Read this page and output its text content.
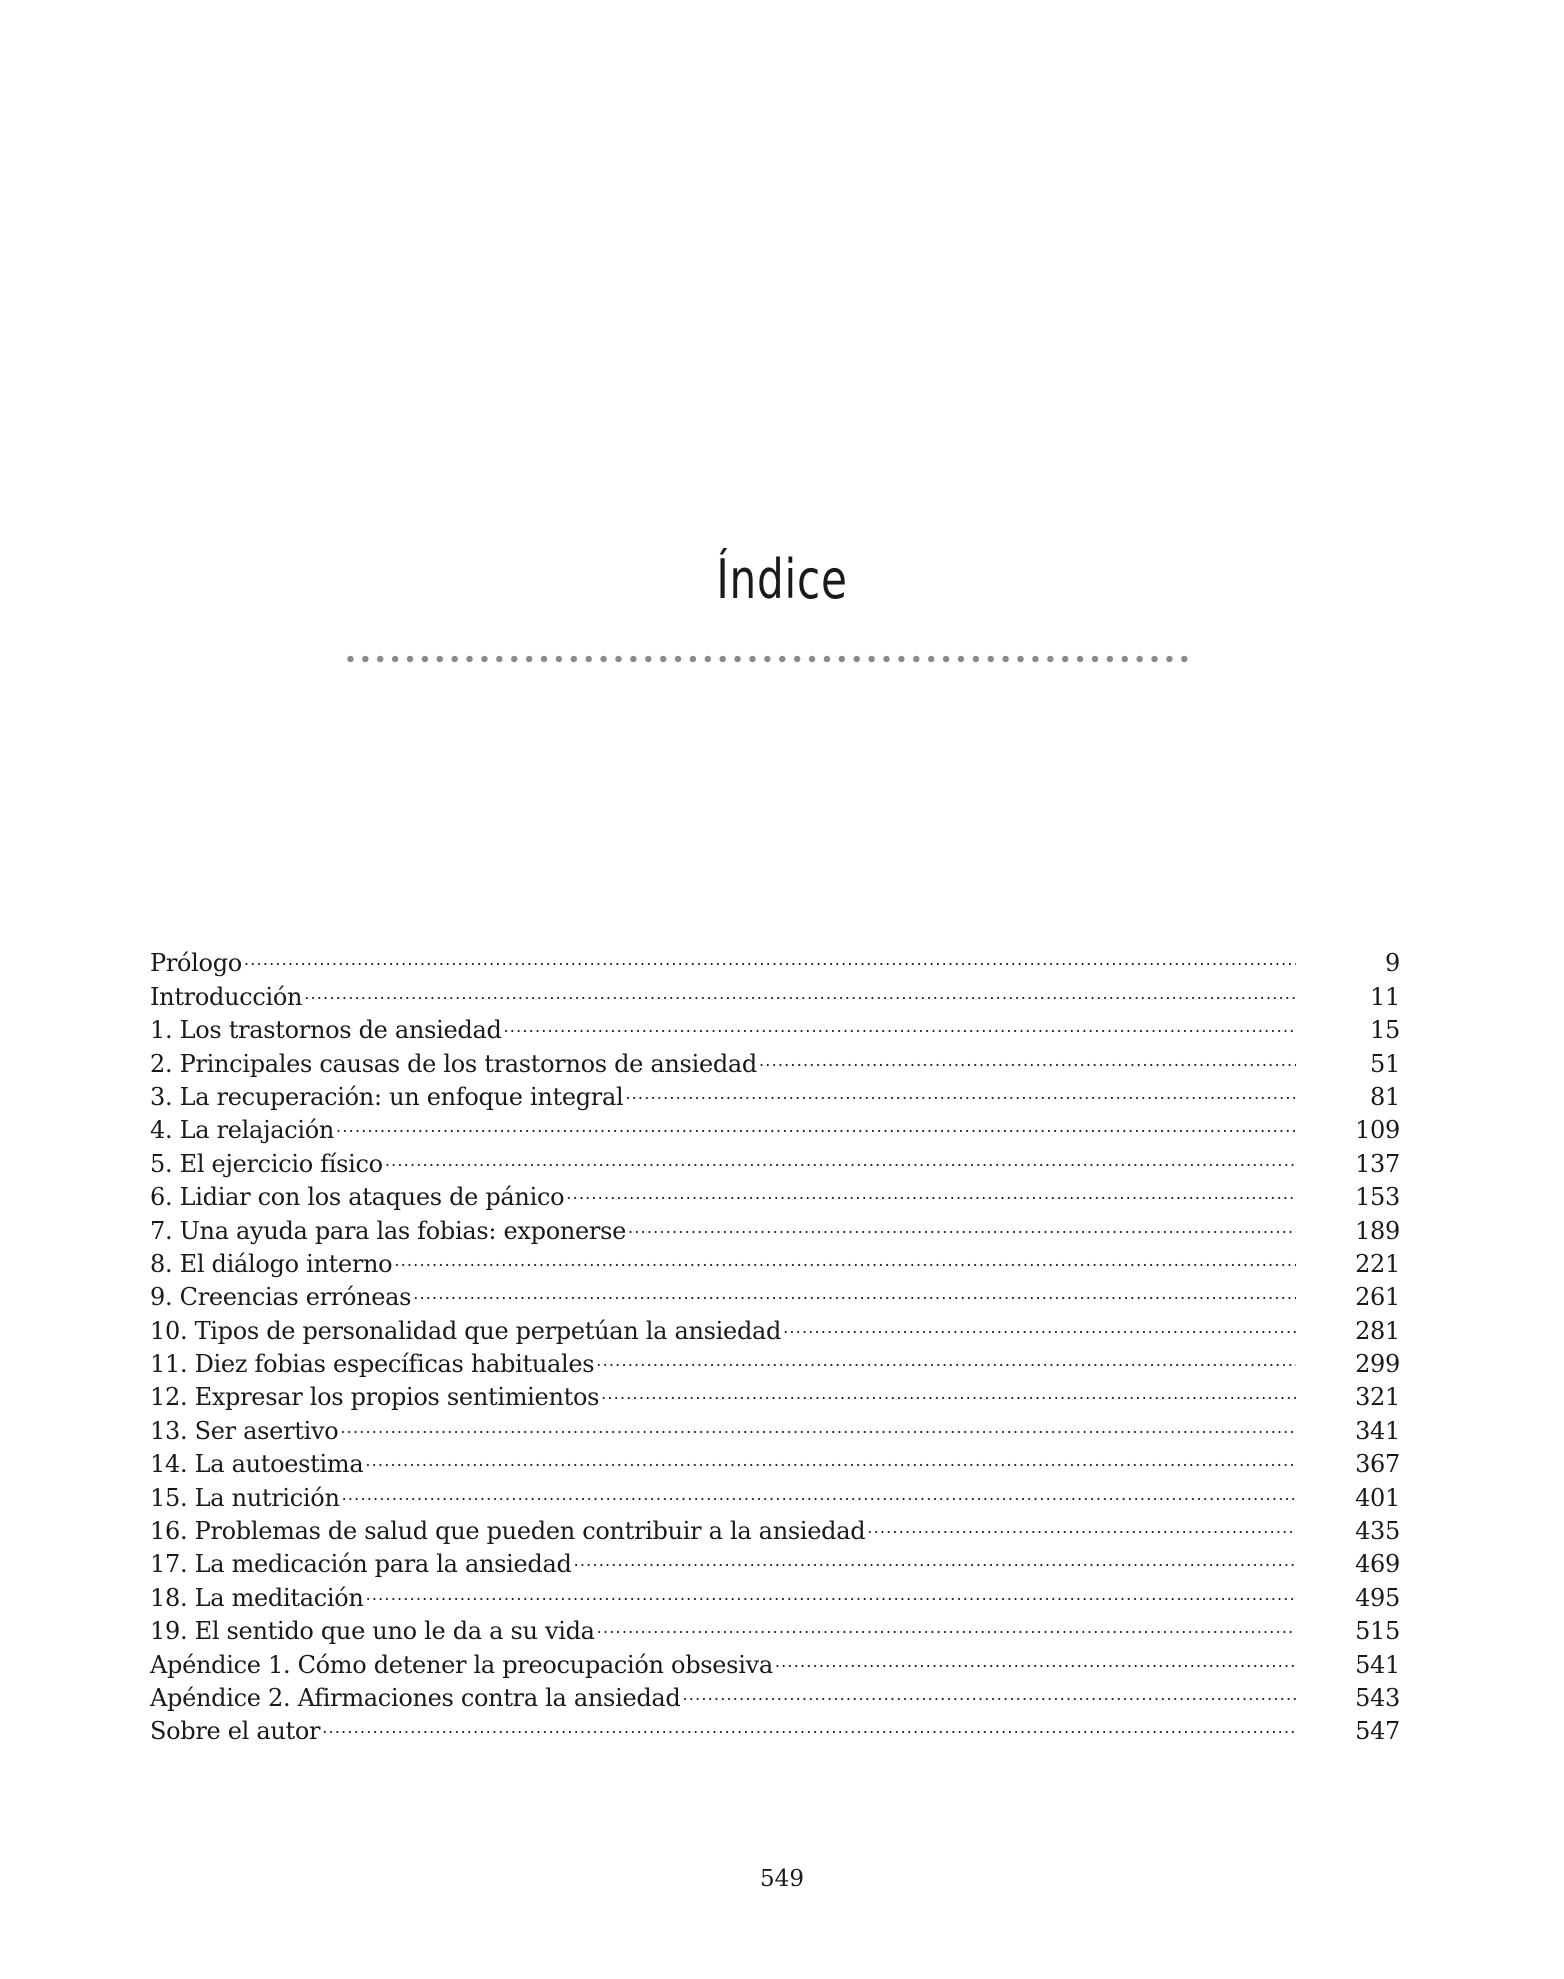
Índice
Prólogo .....	9
Introducción .....	11
1. Los trastornos de ansiedad .....	15
2. Principales causas de los trastornos de ansiedad .....	51
3. La recuperación: un enfoque integral .....	81
4. La relajación .....	109
5. El ejercicio físico .....	137
6. Lidiar con los ataques de pánico .....	153
7. Una ayuda para las fobias: exponerse .....	189
8. El diálogo interno .....	221
9. Creencias erróneas .....	261
10. Tipos de personalidad que perpetúan la ansiedad .....	281
11. Diez fobias específicas habituales .....	299
12. Expresar los propios sentimientos .....	321
13. Ser asertivo .....	341
14. La autoestima .....	367
15. La nutrición .....	401
16. Problemas de salud que pueden contribuir a la ansiedad .....	435
17. La medicación para la ansiedad .....	469
18. La meditación .....	495
19. El sentido que uno le da a su vida .....	515
Apéndice 1. Cómo detener la preocupación obsesiva .....	541
Apéndice 2. Afirmaciones contra la ansiedad .....	543
Sobre el autor .....	547
549
